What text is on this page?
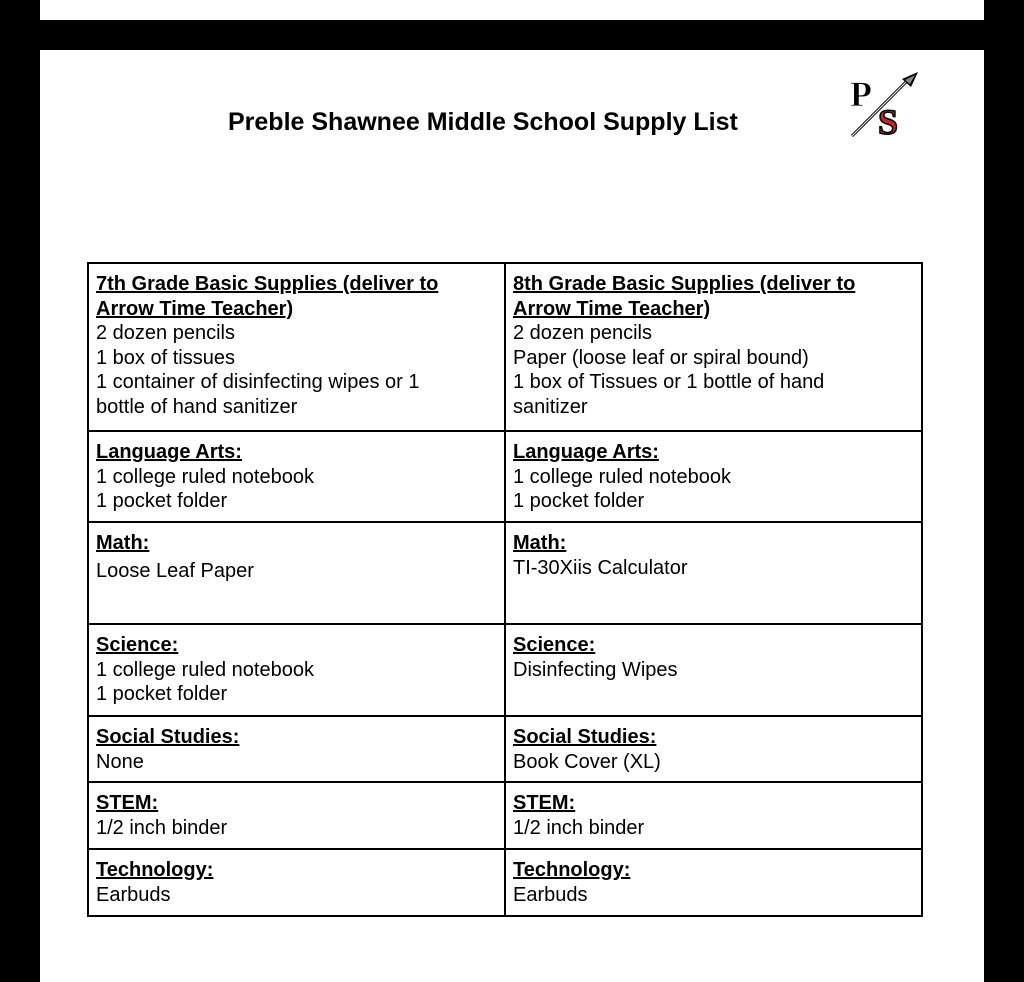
Preble Shawnee Middle School Supply List
P
S
7th Grade Basic Supplies (deliver to Arrow Time Teacher)
2 dozen pencils
1 box of tissues
1 container of disinfecting wipes or 1 bottle of hand sanitizer	8th Grade Basic Supplies (deliver to Arrow Time Teacher)
2 dozen pencils
Paper (loose leaf or spiral bound)
1 box of Tissues or 1 bottle of hand sanitizer

Language Arts:
1 college ruled notebook
1 pocket folder	Language Arts:
1 college ruled notebook
1 pocket folder

Math:
Loose Leaf Paper	Math:
TI-30Xiis Calculator

Science:
1 college ruled notebook
1 pocket folder	Science:
Disinfecting Wipes

Social Studies:
None	Social Studies:
Book Cover (XL)

STEM:
1/2 inch binder	STEM:
1/2 inch binder

Technology:
Earbuds	Technology:
Earbuds
